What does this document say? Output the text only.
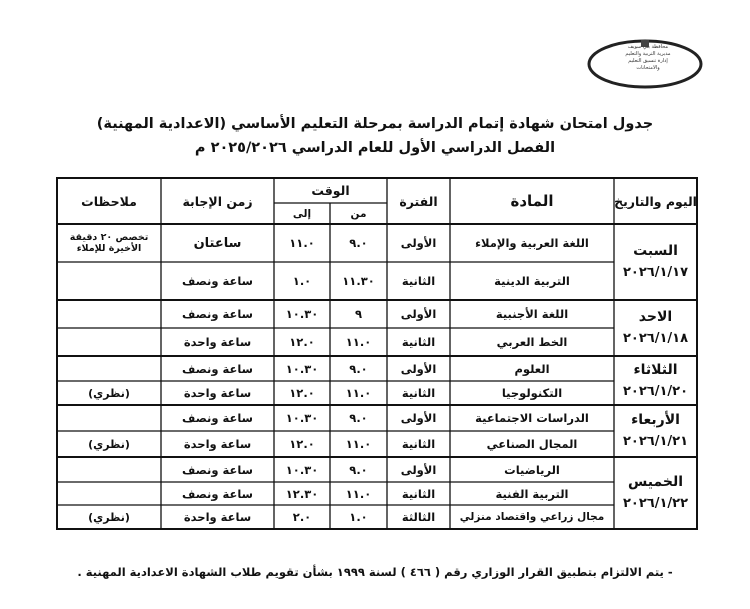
محافظة بني سويف
مديرية التربية والتعليم
إدارة تنسيق التعليم والامتحانات
جدول امتحان شهادة إتمام الدراسة بمرحلة التعليم الأساسي (الاعدادية المهنية)
الفصل الدراسي الأول للعام الدراسي ٢٠٢٥/٢٠٢٦ م
اليوم والتاريخ
المادة
الفترة
الوقت
من
إلى
زمن الإجابة
ملاحظات
السبت
٢٠٢٦/١/١٧
الاحد
٢٠٢٦/١/١٨
الثلاثاء
٢٠٢٦/١/٢٠
الأربعاء
٢٠٢٦/١/٢١
الخميس
٢٠٢٦/١/٢٢
اللغة العربية والإملاء
الأولى
٩.٠
١١.٠
ساعتان
تخصص ٢٠ دقيقة الأخيرة للإملاء
التربية الدينية
الثانية
١١.٣٠
١.٠
ساعة ونصف
اللغة الأجنبية
الأولى
٩
١٠.٣٠
ساعة ونصف
الخط العربي
الثانية
١١.٠
١٢.٠
ساعة واحدة
العلوم
الأولى
٩.٠
١٠.٣٠
ساعة ونصف
التكنولوجيا
الثانية
١١.٠
١٢.٠
ساعة واحدة
(نظري)
الدراسات الاجتماعية
الأولى
٩.٠
١٠.٣٠
ساعة ونصف
المجال الصناعي
الثانية
١١.٠
١٢.٠
ساعة واحدة
(نظري)
الرياضيات
الأولى
٩.٠
١٠.٣٠
ساعة ونصف
التربية الفنية
الثانية
١١.٠
١٢.٣٠
ساعة ونصف
مجال زراعي واقتصاد منزلي
الثالثة
١.٠
٢.٠
ساعة واحدة
(نظري)
- يتم الالتزام بتطبيق القرار الوزاري رقم ( ٤٦٦ ) لسنة ١٩٩٩ بشأن تقويم طلاب الشهادة الاعدادية المهنية .
